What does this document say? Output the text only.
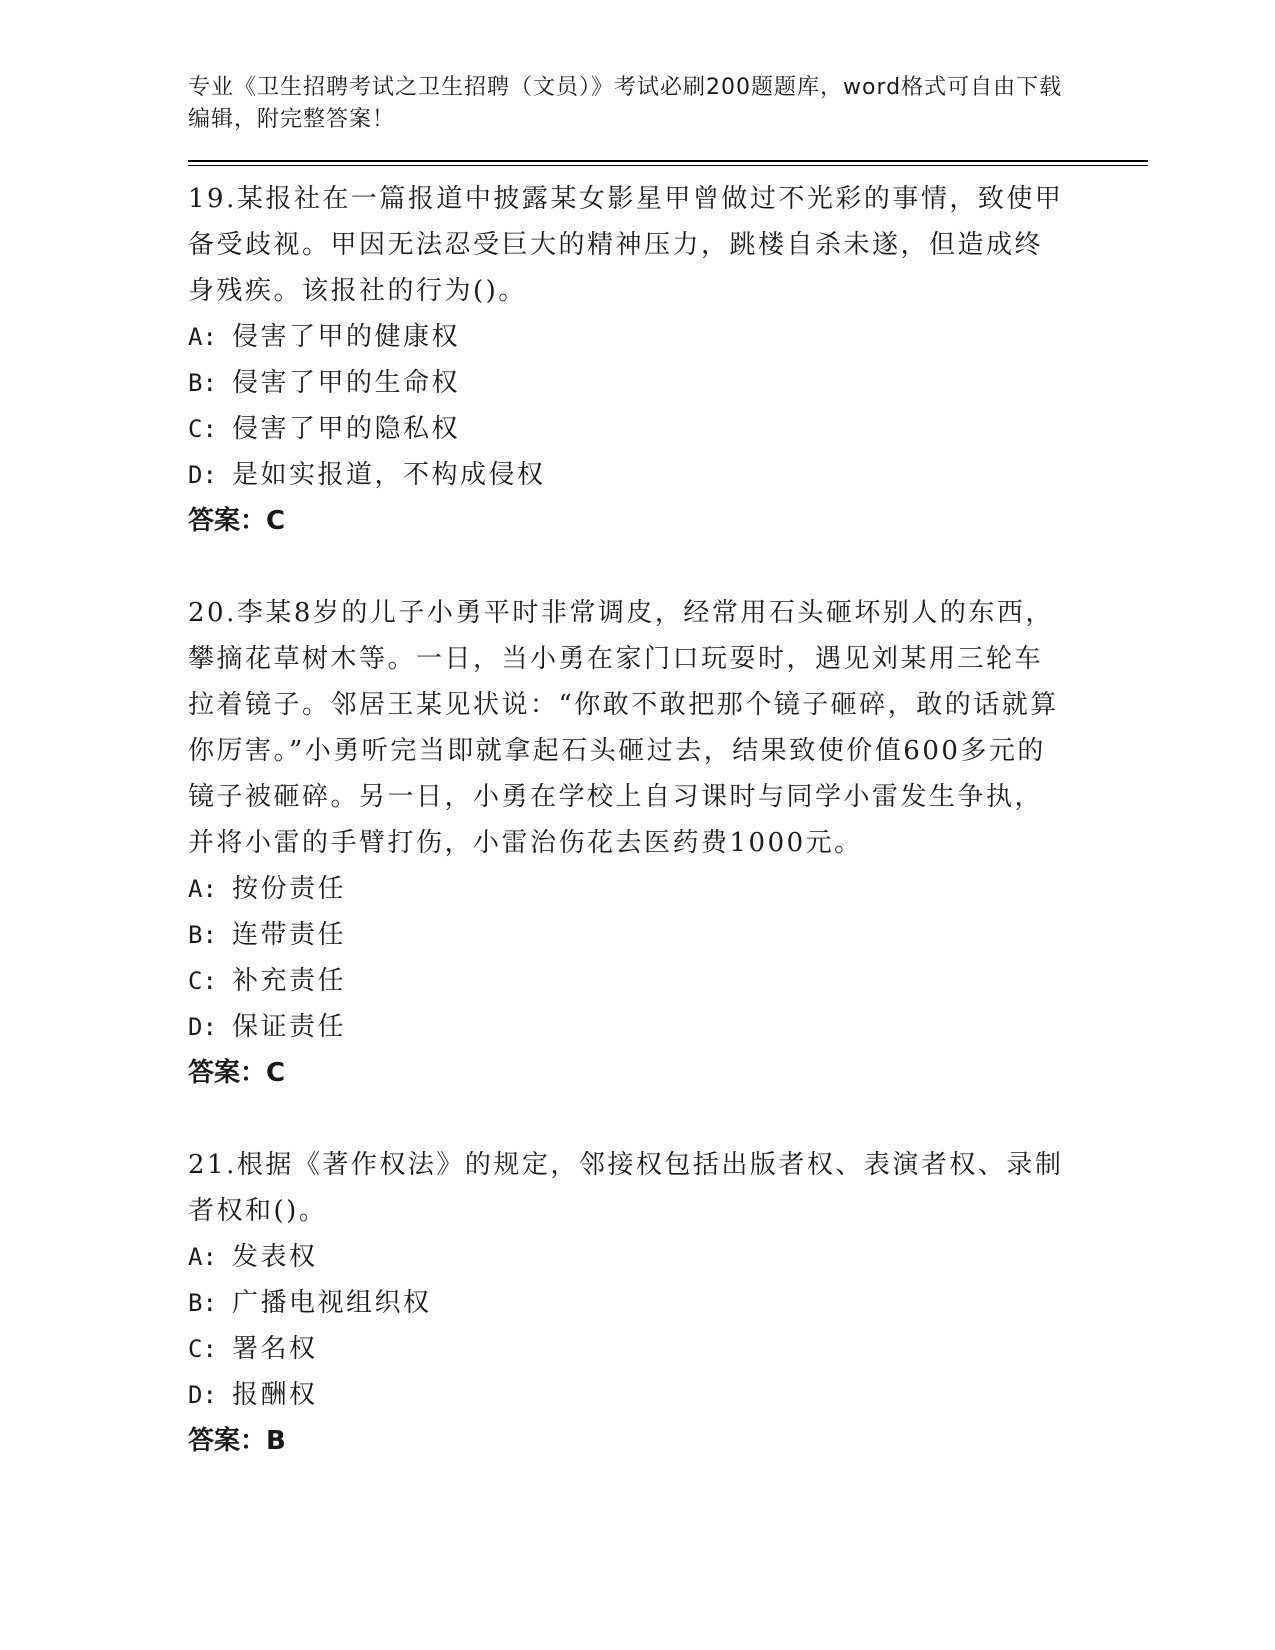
专业《卫生招聘考试之卫生招聘（文员）》考试必刷200题题库，word格式可自由下载编辑，附完整答案！

19.某报社在一篇报道中披露某女影星甲曾做过不光彩的事情，致使甲备受歧视。甲因无法忍受巨大的精神压力，跳楼自杀未遂，但造成终身残疾。该报社的行为()。

A: 侵害了甲的健康权

B: 侵害了甲的生命权

C: 侵害了甲的隐私权

D: 是如实报道，不构成侵权

答案：C

20.李某8岁的儿子小勇平时非常调皮，经常用石头砸坏别人的东西，攀摘花草树木等。一日，当小勇在家门口玩耍时，遇见刘某用三轮车拉着镜子。邻居王某见状说：“你敢不敢把那个镜子砸碎，敢的话就算你厉害。”小勇听完当即就拿起石头砸过去，结果致使价值600多元的镜子被砸碎。另一日，小勇在学校上自习课时与同学小雷发生争执，并将小雷的手臂打伤，小雷治伤花去医药费1000元。

A: 按份责任

B: 连带责任

C: 补充责任

D: 保证责任

答案：C

21.根据《著作权法》的规定，邻接权包括出版者权、表演者权、录制者权和()。

A: 发表权

B: 广播电视组织权

C: 署名权

D: 报酬权

答案：B
